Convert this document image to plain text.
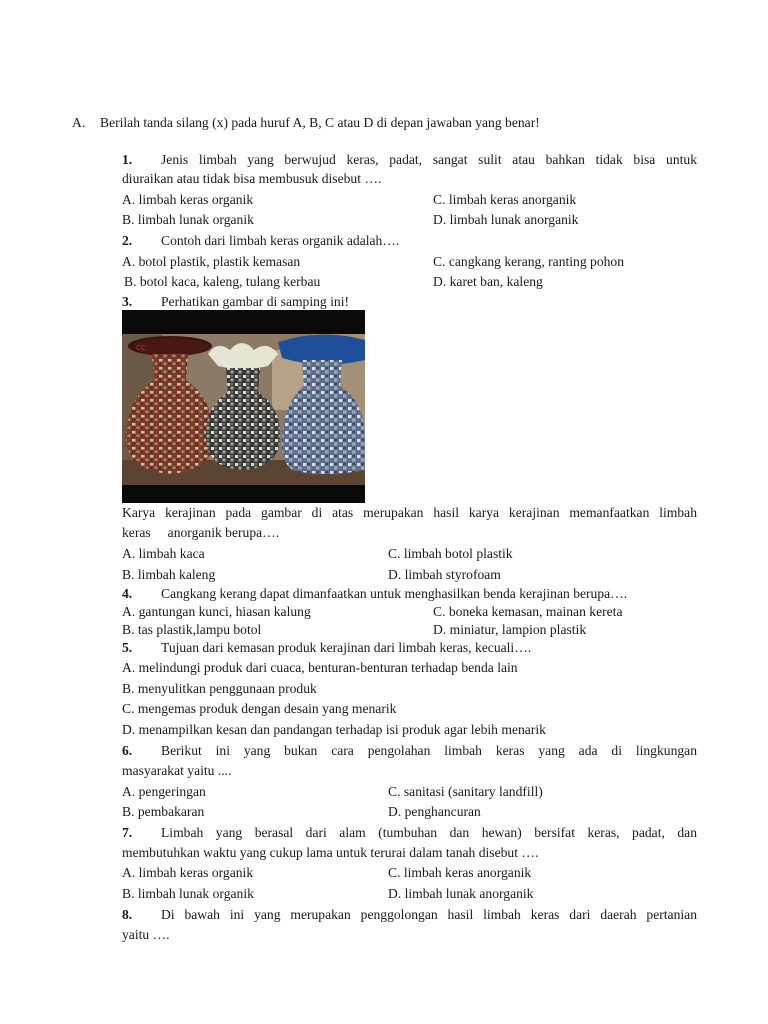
A. Berilah tanda silang (x) pada huruf A, B, C atau D di depan jawaban yang benar!
1. Jenis limbah yang berwujud keras, padat, sangat sulit atau bahkan tidak bisa untuk
diuraikan atau tidak bisa membusuk disebut ….
A. limbah keras organik	C. limbah keras anorganik
B. limbah lunak organik	D. limbah lunak anorganik
2. Contoh dari limbah keras organik adalah….
A. botol plastik, plastik kemasan	C. cangkang kerang, ranting pohon
B. botol kaca, kaleng, tulang kerbau	D. karet ban, kaleng
3. Perhatikan gambar di samping ini!
CC
Karya kerajinan pada gambar di atas merupakan hasil karya kerajinan memanfaatkan limbah
keras     anorganik berupa….
A. limbah kaca	C. limbah botol plastik
B. limbah kaleng	D. limbah styrofoam
4. Cangkang kerang dapat dimanfaatkan untuk menghasilkan benda kerajinan berupa….
A. gantungan kunci, hiasan kalung	C. boneka kemasan, mainan kereta
B. tas plastik,lampu botol	D. miniatur, lampion plastik
5. Tujuan dari kemasan produk kerajinan dari limbah keras, kecuali….
A. melindungi produk dari cuaca, benturan-benturan terhadap benda lain
B. menyulitkan penggunaan produk
C. mengemas produk dengan desain yang menarik
D. menampilkan kesan dan pandangan terhadap isi produk agar lebih menarik
6. Berikut ini yang bukan cara pengolahan limbah keras yang ada di lingkungan
masyarakat yaitu ....
A. pengeringan	C. sanitasi (sanitary landfill)
B. pembakaran	D. penghancuran
7. Limbah yang berasal dari alam (tumbuhan dan hewan) bersifat keras, padat, dan
membutuhkan waktu yang cukup lama untuk terurai dalam tanah disebut ….
A. limbah keras organik	C. limbah keras anorganik
B. limbah lunak organik	D. limbah lunak anorganik
8. Di bawah ini yang merupakan penggolongan hasil limbah keras dari daerah pertanian
yaitu ….
